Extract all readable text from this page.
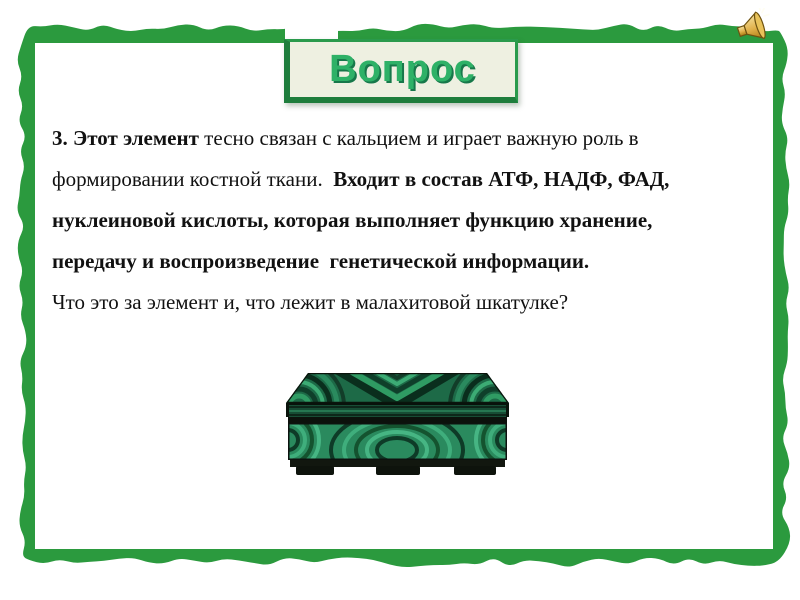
Вопрос

3. Этот элемент тесно связан с кальцием и играет важную роль в

формировании костной ткани.  Входит в состав АТФ, НАДФ, ФАД,

нуклеиновой кислоты, которая выполняет функцию хранение,

передачу и воспроизведение  генетической информации.

Что это за элемент и, что лежит в малахитовой шкатулке?
